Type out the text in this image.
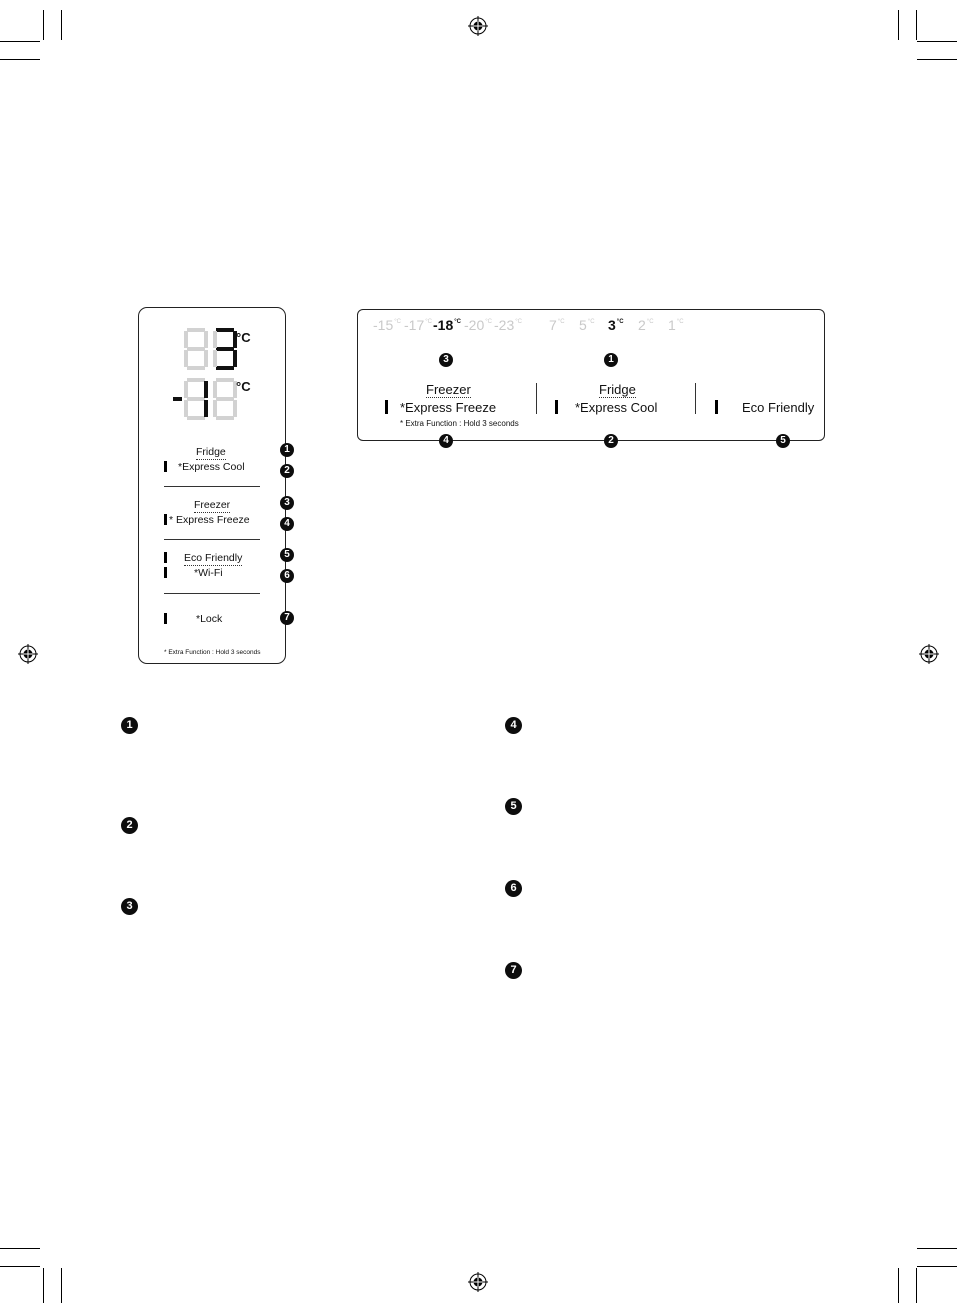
°C
°C
Fridge
*Express Cool
Freezer
* Express Freeze
Eco Friendly
*Wi-Fi
*Lock
* Extra Function : Hold 3 seconds
1
2
3
4
5
6
7
$-15^{^\circ C}$ $-17^{^\circ C}$ $-18^{^\circ C}$ $-20^{^\circ C}$ $-23^{^\circ C}$ $7^{^\circ C}$ $5^{^\circ C}$ $3^{^\circ C}$ $2^{^\circ C}$ $1^{^\circ C}$
3	1
Freezer
*Express Freeze
* Extra Function : Hold 3 seconds
Fridge
*Express Cool	Eco Friendly
4	2	5
1
2
3
4
5
6
7
